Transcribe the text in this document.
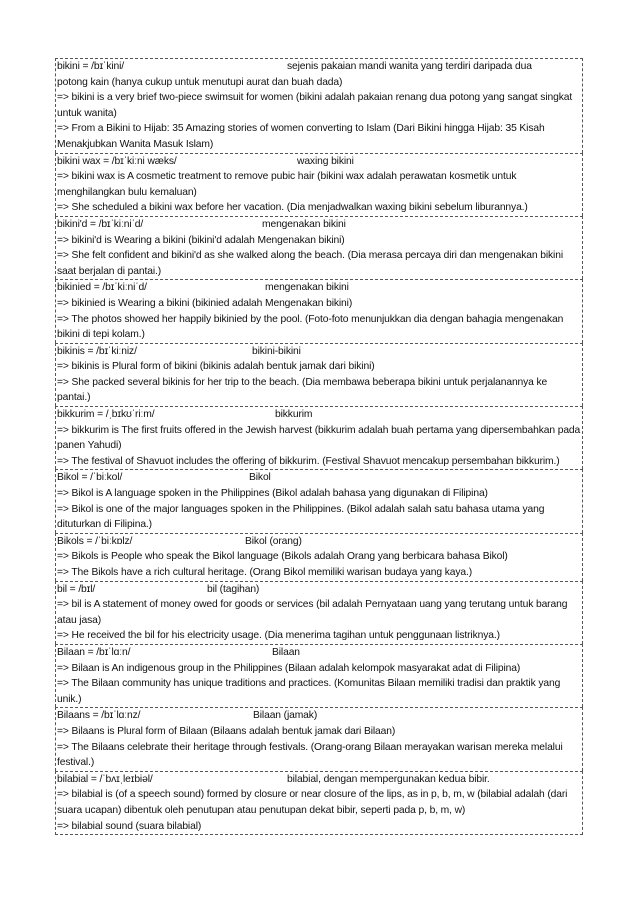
bikini = /bɪˈkini/	sejenis pakaian mandi wanita yang terdiri daripada dua
potong kain (hanya cukup untuk menutupi aurat dan buah dada)
=> bikini is a very brief two-piece swimsuit for women (bikini adalah pakaian renang dua potong yang sangat singkat untuk wanita)
=> From a Bikini to Hijab: 35 Amazing stories of women converting to Islam (Dari Bikini hingga Hijab: 35 Kisah Menakjubkan Wanita Masuk Islam)
bikini wax = /bɪˈkiːni wæks/	waxing bikini
=> bikini wax is A cosmetic treatment to remove pubic hair (bikini wax adalah perawatan kosmetik untuk menghilangkan bulu kemaluan)
=> She scheduled a bikini wax before her vacation. (Dia menjadwalkan waxing bikini sebelum liburannya.)
bikini'd = /bɪˈkiːniˈd/	mengenakan bikini
=> bikini'd is Wearing a bikini (bikini'd adalah Mengenakan bikini)
=> She felt confident and bikini'd as she walked along the beach. (Dia merasa percaya diri dan mengenakan bikini saat berjalan di pantai.)
bikinied = /bɪˈkiːniˈd/	mengenakan bikini
=> bikinied is Wearing a bikini (bikinied adalah Mengenakan bikini)
=> The photos showed her happily bikinied by the pool. (Foto-foto menunjukkan dia dengan bahagia mengenakan bikini di tepi kolam.)
bikinis = /bɪˈkiːniz/	bikini-bikini
=> bikinis is Plural form of bikini (bikinis adalah bentuk jamak dari bikini)
=> She packed several bikinis for her trip to the beach. (Dia membawa beberapa bikini untuk perjalanannya ke pantai.)
bikkurim = /ˌbɪkʊˈriːm/	bikkurim
=> bikkurim is The first fruits offered in the Jewish harvest (bikkurim adalah buah pertama yang dipersembahkan pada panen Yahudi)
=> The festival of Shavuot includes the offering of bikkurim. (Festival Shavuot mencakup persembahan bikkurim.)
Bikol = /ˈbiːkol/	Bikol
=> Bikol is A language spoken in the Philippines (Bikol adalah bahasa yang digunakan di Filipina)
=> Bikol is one of the major languages spoken in the Philippines. (Bikol adalah salah satu bahasa utama yang dituturkan di Filipina.)
Bikols = /ˈbiːkɒlz/	Bikol (orang)
=> Bikols is People who speak the Bikol language (Bikols adalah Orang yang berbicara bahasa Bikol)
=> The Bikols have a rich cultural heritage. (Orang Bikol memiliki warisan budaya yang kaya.)
bil = /bɪl/	bil (tagihan)
=> bil is A statement of money owed for goods or services (bil adalah Pernyataan uang yang terutang untuk barang atau jasa)
=> He received the bil for his electricity usage. (Dia menerima tagihan untuk penggunaan listriknya.)
Bilaan = /bɪˈlɑːn/	Bilaan
=> Bilaan is An indigenous group in the Philippines (Bilaan adalah kelompok masyarakat adat di Filipina)
=> The Bilaan community has unique traditions and practices. (Komunitas Bilaan memiliki tradisi dan praktik yang unik.)
Bilaans = /bɪˈlɑːnz/	Bilaan (jamak)
=> Bilaans is Plural form of Bilaan (Bilaans adalah bentuk jamak dari Bilaan)
=> The Bilaans celebrate their heritage through festivals. (Orang-orang Bilaan merayakan warisan mereka melalui festival.)
bilabial = /ˈbʌɪˌleɪbiəl/	bilabial, dengan mempergunakan kedua bibir.
=> bilabial is (of a speech sound) formed by closure or near closure of the lips, as in p, b, m, w (bilabial adalah (dari suara ucapan) dibentuk oleh penutupan atau penutupan dekat bibir, seperti pada p, b, m, w)
=> bilabial sound (suara bilabial)
